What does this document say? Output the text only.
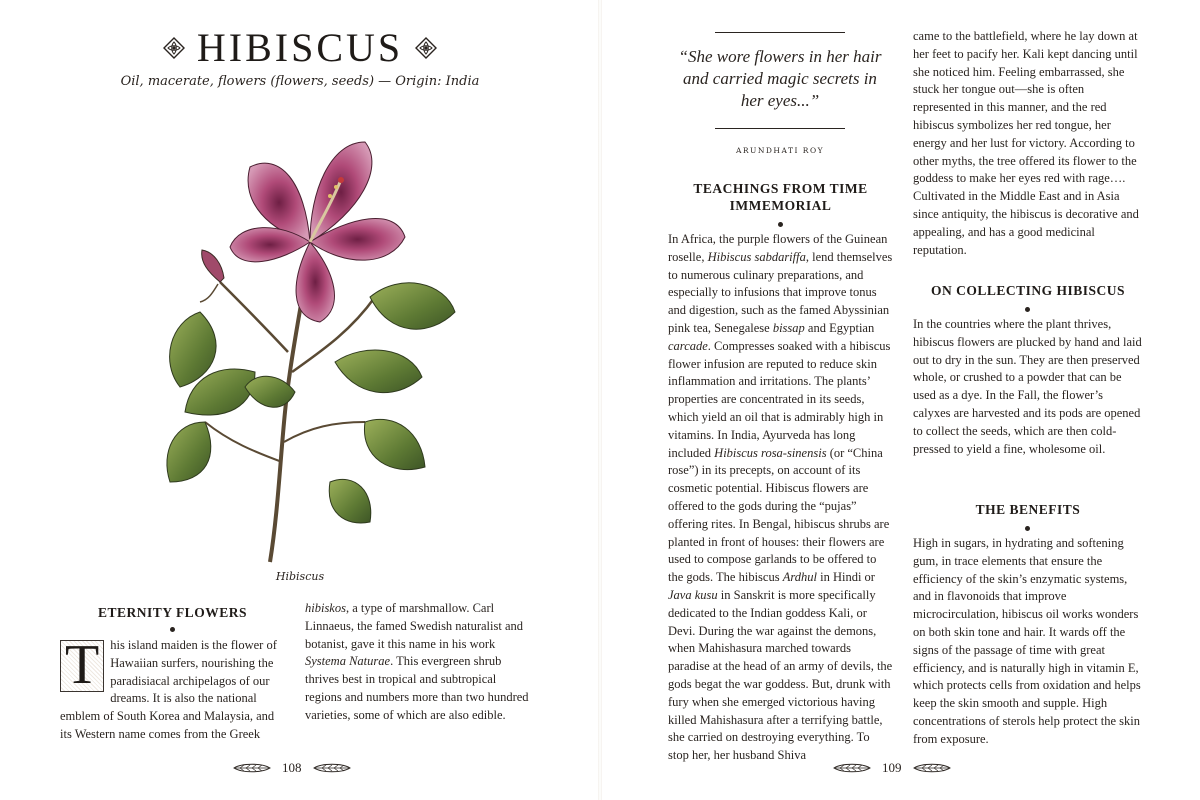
HIBISCUS
Oil, macerate, flowers (flowers, seeds) — Origin: India
Hibiscus
ETERNITY FLOWERS

T his island maiden is the flower of Hawaiian surfers, nourishing the paradisiacal archipelagos of our dreams. It is also the national emblem of South Korea and Malaysia, and its Western name comes from the Greek

hibiskos, a type of marshmallow. Carl Linnaeus, the famed Swedish naturalist and botanist, gave it this name in his work Systema Naturae. This evergreen shrub thrives best in tropical and subtropical regions and numbers more than two hundred varieties, some of which are also edible.

108
“She wore flowers in her hair and carried magic secrets in her eyes...”
ARUNDHATI ROY
TEACHINGS FROM TIME IMMEMORIAL

In Africa, the purple flowers of the Guinean roselle, Hibiscus sabdariffa, lend themselves to numerous culinary preparations, and especially to infusions that improve tonus and digestion, such as the famed Abyssinian pink tea, Senegalese bissap and Egyptian carcade. Compresses soaked with a hibiscus flower infusion are reputed to reduce skin inflammation and irritations. The plants’ properties are concentrated in its seeds, which yield an oil that is admirably high in vitamins. In India, Ayurveda has long included Hibiscus rosa-sinensis (or “China rose”) in its precepts, on account of its cosmetic potential. Hibiscus flowers are offered to the gods during the “pujas” offering rites. In Bengal, hibiscus shrubs are planted in front of houses: their flowers are used to compose garlands to be offered to the gods. The hibiscus Ardhul in Hindi or Java kusu in Sanskrit is more specifically dedicated to the Indian goddess Kali, or Devi. During the war against the demons, when Mahishasura marched towards paradise at the head of an army of devils, the gods begat the war goddess. But, drunk with fury when she emerged victorious having killed Mahishasura after a terrifying battle, she carried on destroying everything. To stop her, her husband Shiva

came to the battlefield, where he lay down at her feet to pacify her. Kali kept dancing until she noticed him. Feeling embarrassed, she stuck her tongue out—she is often represented in this manner, and the red hibiscus symbolizes her red tongue, her energy and her lust for victory. According to other myths, the tree offered its flower to the goddess to make her eyes red with rage…. Cultivated in the Middle East and in Asia since antiquity, the hibiscus is decorative and appealing, and has a good medicinal reputation.

ON COLLECTING HIBISCUS

In the countries where the plant thrives, hibiscus flowers are plucked by hand and laid out to dry in the sun. They are then preserved whole, or crushed to a powder that can be used as a dye. In the Fall, the flower’s calyxes are harvested and its pods are opened to collect the seeds, which are then cold-pressed to yield a fine, wholesome oil.

THE BENEFITS

High in sugars, in hydrating and softening gum, in trace elements that ensure the efficiency of the skin’s enzymatic systems, and in flavonoids that improve microcirculation, hibiscus oil works wonders on both skin tone and hair. It wards off the signs of the passage of time with great efficiency, and is naturally high in vitamin E, which protects cells from oxidation and helps keep the skin smooth and supple. High concentrations of sterols help protect the skin from exposure.

109
